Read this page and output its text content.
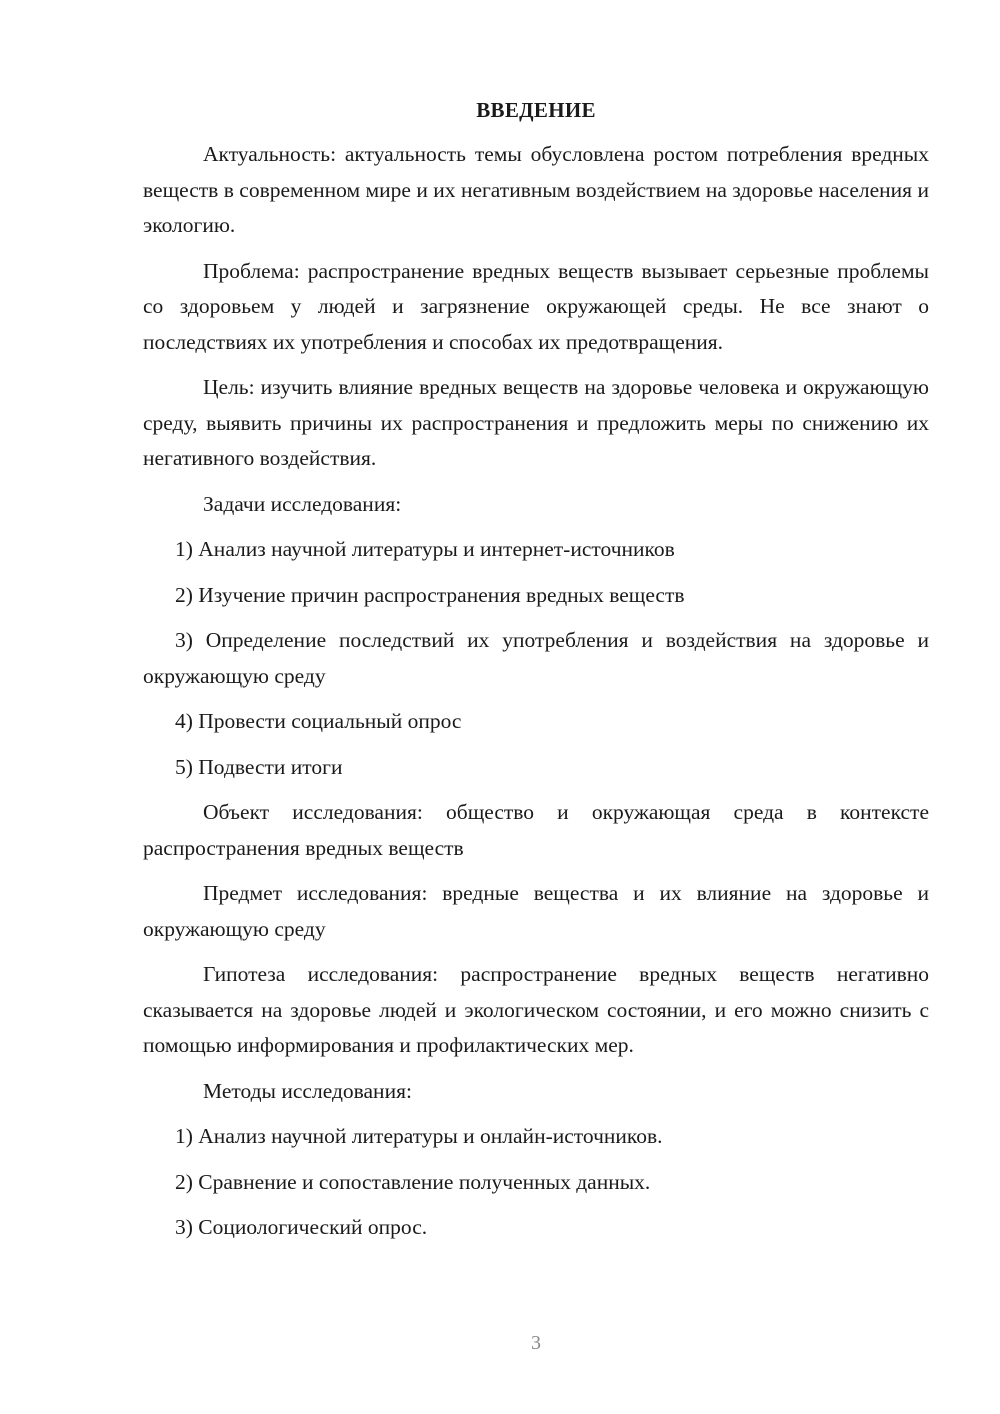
ВВЕДЕНИЕ

Актуальность: актуальность темы обусловлена ростом потребления вредных веществ в современном мире и их негативным воздействием на здоровье населения и экологию.

Проблема: распространение вредных веществ вызывает серьезные проблемы со здоровьем у людей и загрязнение окружающей среды. Не все знают о последствиях их употребления и способах их предотвращения.

Цель: изучить влияние вредных веществ на здоровье человека и окружающую среду, выявить причины их распространения и предложить меры по снижению их негативного воздействия.

Задачи исследования:

1) Анализ научной литературы и интернет-источников

2) Изучение причин распространения вредных веществ

3) Определение последствий их употребления и воздействия на здоровье и окружающую среду

4) Провести социальный опрос

5) Подвести итоги

Объект исследования: общество и окружающая среда в контексте распространения вредных веществ

Предмет исследования: вредные вещества и их влияние на здоровье и окружающую среду

Гипотеза исследования: распространение вредных веществ негативно сказывается на здоровье людей и экологическом состоянии, и его можно снизить с помощью информирования и профилактических мер.

Методы исследования:

1) Анализ научной литературы и онлайн-источников.

2) Сравнение и сопоставление полученных данных.

3) Социологический опрос.

3
